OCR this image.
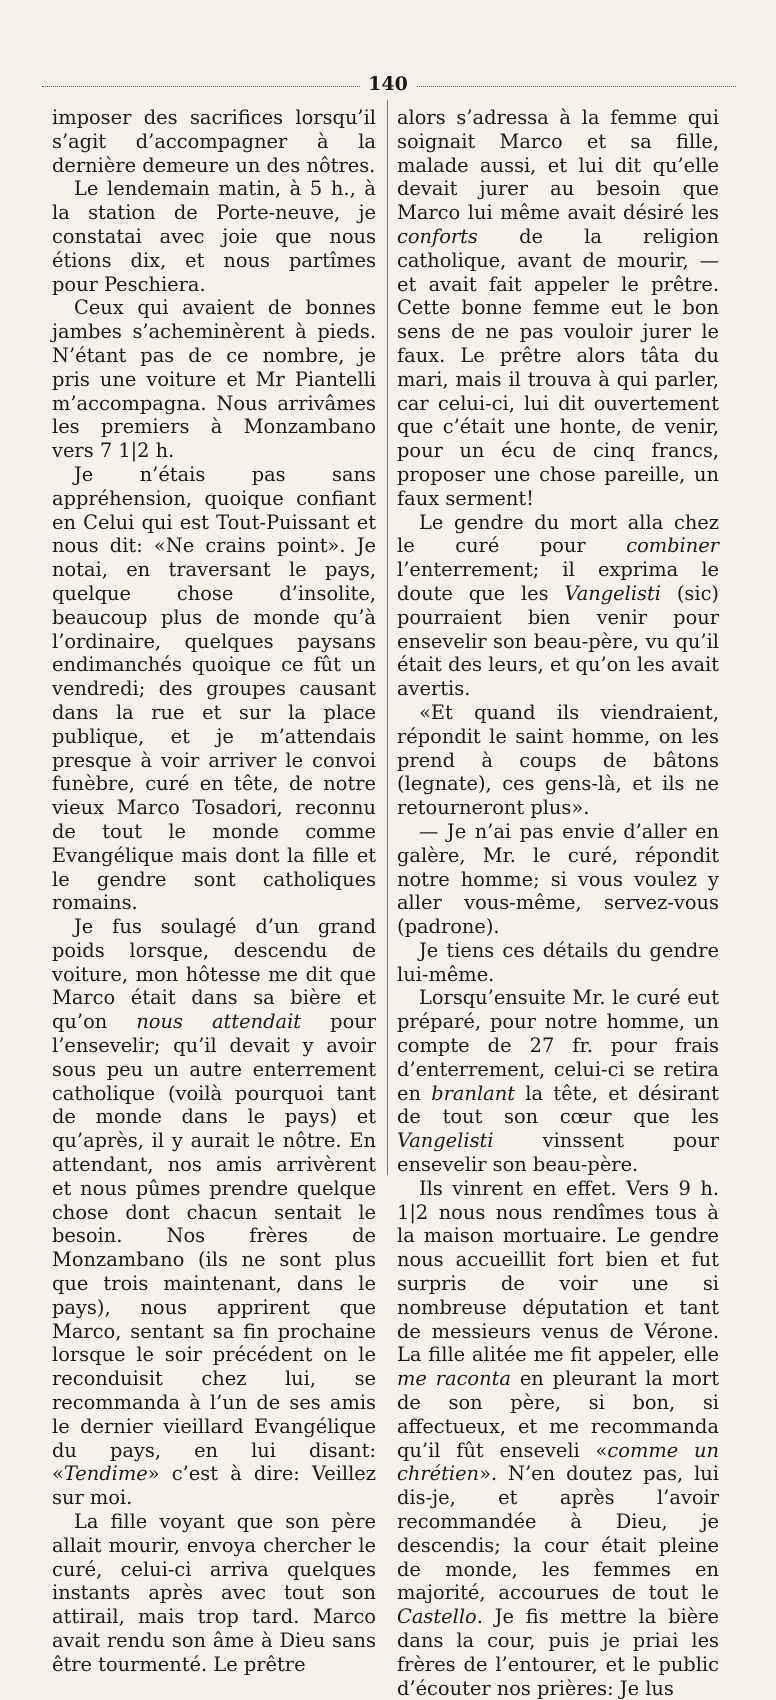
140

imposer des sacrifices lorsqu’il s’agit d’accompagner à la dernière demeure un des nôtres.

Le lendemain matin, à 5 h., à la station de Porte-neuve, je constatai avec joie que nous étions dix, et nous partîmes pour Peschiera.

Ceux qui avaient de bonnes jambes s’acheminèrent à pieds. N’étant pas de ce nombre, je pris une voiture et Mr Piantelli m’accompagna. Nous arrivâmes les premiers à Monzambano vers 7 1|2 h.

Je n’étais pas sans appréhension, quoique confiant en Celui qui est Tout-Puissant et nous dit: «Ne crains point». Je notai, en traversant le pays, quelque chose d’insolite, beaucoup plus de monde qu’à l’ordinaire, quelques paysans endimanchés quoique ce fût un vendredi; des groupes causant dans la rue et sur la place publique, et je m’attendais presque à voir arriver le convoi funèbre, curé en tête, de notre vieux Marco Tosadori, reconnu de tout le monde comme Evangélique mais dont la fille et le gendre sont catholiques romains.

Je fus soulagé d’un grand poids lorsque, descendu de voiture, mon hôtesse me dit que Marco était dans sa bière et qu’on nous attendait pour l’ensevelir; qu’il devait y avoir sous peu un autre enterrement catholique (voilà pourquoi tant de monde dans le pays) et qu’après, il y aurait le nôtre. En attendant, nos amis arrivèrent et nous pûmes prendre quelque chose dont chacun sentait le besoin. Nos frères de Monzambano (ils ne sont plus que trois maintenant, dans le pays), nous apprirent que Marco, sentant sa fin prochaine lorsque le soir précédent on le reconduisit chez lui, se recommanda à l’un de ses amis le dernier vieillard Evangélique du pays, en lui disant: «Tendime» c’est à dire: Veillez sur moi.

La fille voyant que son père allait mourir, envoya chercher le curé, celui-ci arriva quelques instants après avec tout son attirail, mais trop tard. Marco avait rendu son âme à Dieu sans être tourmenté. Le prêtre

alors s’adressa à la femme qui soignait Marco et sa fille, malade aussi, et lui dit qu’elle devait jurer au besoin que Marco lui même avait désiré les conforts de la religion catholique, avant de mourir, — et avait fait appeler le prêtre. Cette bonne femme eut le bon sens de ne pas vouloir jurer le faux. Le prêtre alors tâta du mari, mais il trouva à qui parler, car celui-ci, lui dit ouvertement que c’était une honte, de venir, pour un écu de cinq francs, proposer une chose pareille, un faux serment!

Le gendre du mort alla chez le curé pour combiner l’enterrement; il exprima le doute que les Vangelisti (sic) pourraient bien venir pour ensevelir son beau-père, vu qu’il était des leurs, et qu’on les avait avertis.

«Et quand ils viendraient, répondit le saint homme, on les prend à coups de bâtons (legnate), ces gens-là, et ils ne retourneront plus».

— Je n’ai pas envie d’aller en galère, Mr. le curé, répondit notre homme; si vous voulez y aller vous-même, servez-vous (padrone).

Je tiens ces détails du gendre lui-même.

Lorsqu’ensuite Mr. le curé eut préparé, pour notre homme, un compte de 27 fr. pour frais d’enterrement, celui-ci se retira en branlant la tête, et désirant de tout son cœur que les Vangelisti vinssent pour ensevelir son beau-père.

Ils vinrent en effet. Vers 9 h. 1|2 nous nous rendîmes tous à la maison mortuaire. Le gendre nous accueillit fort bien et fut surpris de voir une si nombreuse députation et tant de messieurs venus de Vérone. La fille alitée me fit appeler, elle me raconta en pleurant la mort de son père, si bon, si affectueux, et me recommanda qu’il fût enseveli «comme un chrétien». N’en doutez pas, lui dis-je, et après l’avoir recommandée à Dieu, je descendis; la cour était pleine de monde, les femmes en majorité, accourues de tout le Castello. Je fis mettre la bière dans la cour, puis je priai les frères de l’entourer, et le public d’écouter nos prières: Je lus
